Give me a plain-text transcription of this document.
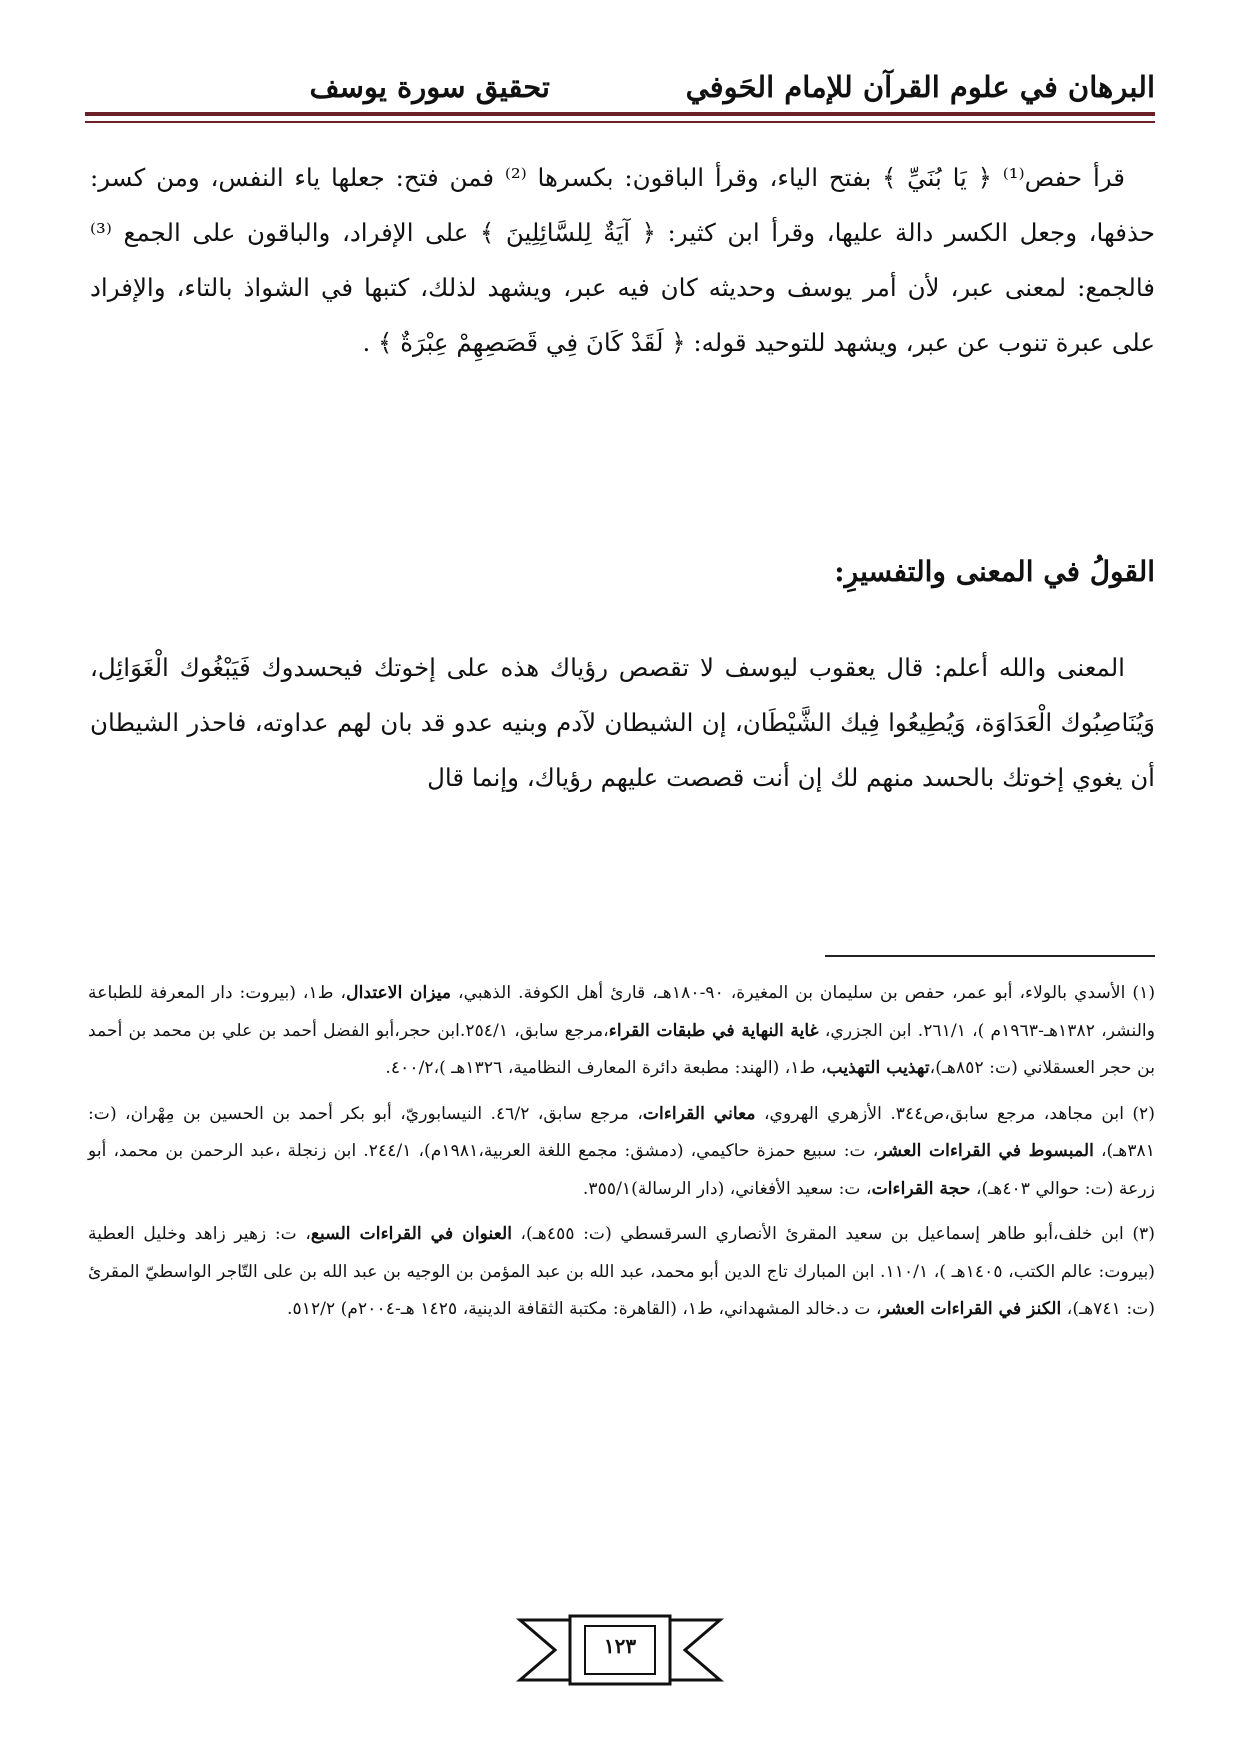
البرهان في علوم القرآن للإمام الحَوفي
تحقيق سورة يوسف

قرأ حفص⁽¹⁾ ﴿ يَا بُنَيِّ ﴾ بفتح الياء، وقرأ الباقون: بكسرها ⁽²⁾ فمن فتح: جعلها ياء النفس، ومن كسر: حذفها، وجعل الكسر دالة عليها، وقرأ ابن كثير: ﴿ آيَةٌ لِلسَّائِلِينَ ﴾ على الإفراد، والباقون على الجمع ⁽³⁾ فالجمع: لمعنى عبر، لأن أمر يوسف وحديثه كان فيه عبر، ويشهد لذلك، كتبها في الشواذ بالتاء، والإفراد على عبرة تنوب عن عبر، ويشهد للتوحيد قوله: ﴿ لَقَدْ كَانَ فِي قَصَصِهِمْ عِبْرَةٌ ﴾ .

القولُ في المعنى والتفسيرِ:

المعنى والله أعلم: قال يعقوب ليوسف لا تقصص رؤياك هذه على إخوتك فيحسدوك فَيَبْغُوك الْغَوَائِل، وَيُنَاصِبُوك الْعَدَاوَة، وَيُطِيعُوا فِيك الشَّيْطَان، إن الشيطان لآدم وبنيه عدو قد بان لهم عداوته، فاحذر الشيطان أن يغوي إخوتك بالحسد منهم لك إن أنت قصصت عليهم رؤياك، وإنما قال

(١) الأسدي بالولاء، أبو عمر، حفص بن سليمان بن المغيرة، ٩٠-١٨٠هـ، قارئ أهل الكوفة. الذهبي، ميزان الاعتدال، ط١، (بيروت: دار المعرفة للطباعة والنشر، ١٣٨٢هـ-١٩٦٣م )، ٢٦١/١. ابن الجزري، غاية النهاية في طبقات القراء،مرجع سابق، ٢٥٤/١.ابن حجر،أبو الفضل أحمد بن علي بن محمد بن أحمد بن حجر العسقلاني (ت: ٨٥٢هـ)،تهذيب التهذيب، ط١، (الهند: مطبعة دائرة المعارف النظامية، ١٣٢٦هـ )،٤٠٠/٢.

(٢) ابن مجاهد، مرجع سابق،ص٣٤٤. الأزهري الهروي، معاني القراءات، مرجع سابق، ٤٦/٢. النيسابوريّ، أبو بكر أحمد بن الحسين بن مِهْران، (ت: ٣٨١هـ)، المبسوط في القراءات العشر، ت: سبيع حمزة حاكيمي، (دمشق: مجمع اللغة العربية،١٩٨١م)، ٢٤٤/١. ابن زنجلة ،عبد الرحمن بن محمد، أبو زرعة (ت: حوالي ٤٠٣هـ)، حجة القراءات، ت: سعيد الأفغاني، (دار الرسالة)٣٥٥/١.

(٣) ابن خلف،أبو طاهر إسماعيل بن سعيد المقرئ الأنصاري السرقسطي (ت: ٤٥٥هـ)، العنوان في القراءات السبع، ت: زهير زاهد وخليل العطية (بيروت: عالم الكتب، ١٤٠٥هـ )، ١١٠/١. ابن المبارك تاج الدين أبو محمد، عبد الله بن عبد المؤمن بن الوجيه بن عبد الله بن على التّاجر الواسطيّ المقرئ (ت: ٧٤١هـ)، الكنز في القراءات العشر، ت د.خالد المشهداني، ط١، (القاهرة: مكتبة الثقافة الدينية، ١٤٢٥ هـ-٢٠٠٤م) ٥١٢/٢.

١٢٣
